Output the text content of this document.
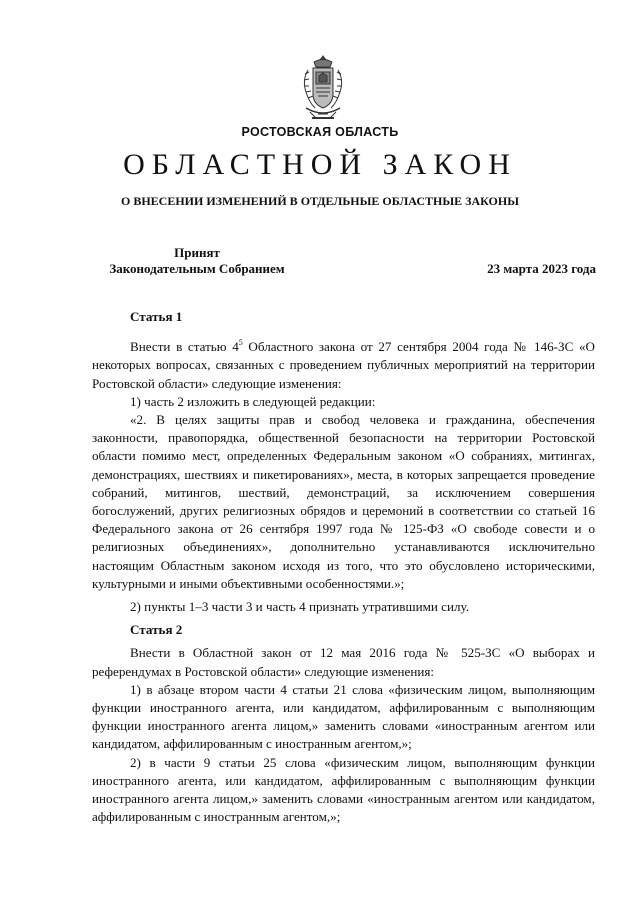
РОСТОВСКАЯ ОБЛАСТЬ
ОБЛАСТНОЙ ЗАКОН
О ВНЕСЕНИИ ИЗМЕНЕНИЙ В ОТДЕЛЬНЫЕ ОБЛАСТНЫЕ ЗАКОНЫ
Принят
Законодательным Собранием	23 марта 2023 года
Статья 1

Внести в статью $4^5$ Областного закона от 27 сентября 2004 года № 146-ЗС «О некоторых вопросах, связанных с проведением публичных мероприятий на территории Ростовской области» следующие изменения:

1) часть 2 изложить в следующей редакции:

«2. В целях защиты прав и свобод человека и гражданина, обеспечения законности, правопорядка, общественной безопасности на территории Ростовской области помимо мест, определенных Федеральным законом «О собраниях, митингах, демонстрациях, шествиях и пикетированиях», места, в которых запрещается проведение собраний, митингов, шествий, демонстраций, за исключением совершения богослужений, других религиозных обрядов и церемоний в соответствии со статьей 16 Федерального закона от 26 сентября 1997 года № 125-ФЗ «О свободе совести и о религиозных объединениях», дополнительно устанавливаются исключительно настоящим Областным законом исходя из того, что это обусловлено историческими, культурными и иными объективными особенностями.»;

2) пункты 1–3 части 3 и часть 4 признать утратившими силу.

Статья 2

Внести в Областной закон от 12 мая 2016 года № 525-ЗС «О выборах и референдумах в Ростовской области» следующие изменения:

1) в абзаце втором части 4 статьи 21 слова «физическим лицом, выполняющим функции иностранного агента, или кандидатом, аффилированным с выполняющим функции иностранного агента лицом,» заменить словами «иностранным агентом или кандидатом, аффилированным с иностранным агентом,»;

2) в части 9 статьи 25 слова «физическим лицом, выполняющим функции иностранного агента, или кандидатом, аффилированным с выполняющим функции иностранного агента лицом,» заменить словами «иностранным агентом или кандидатом, аффилированным с иностранным агентом,»;
